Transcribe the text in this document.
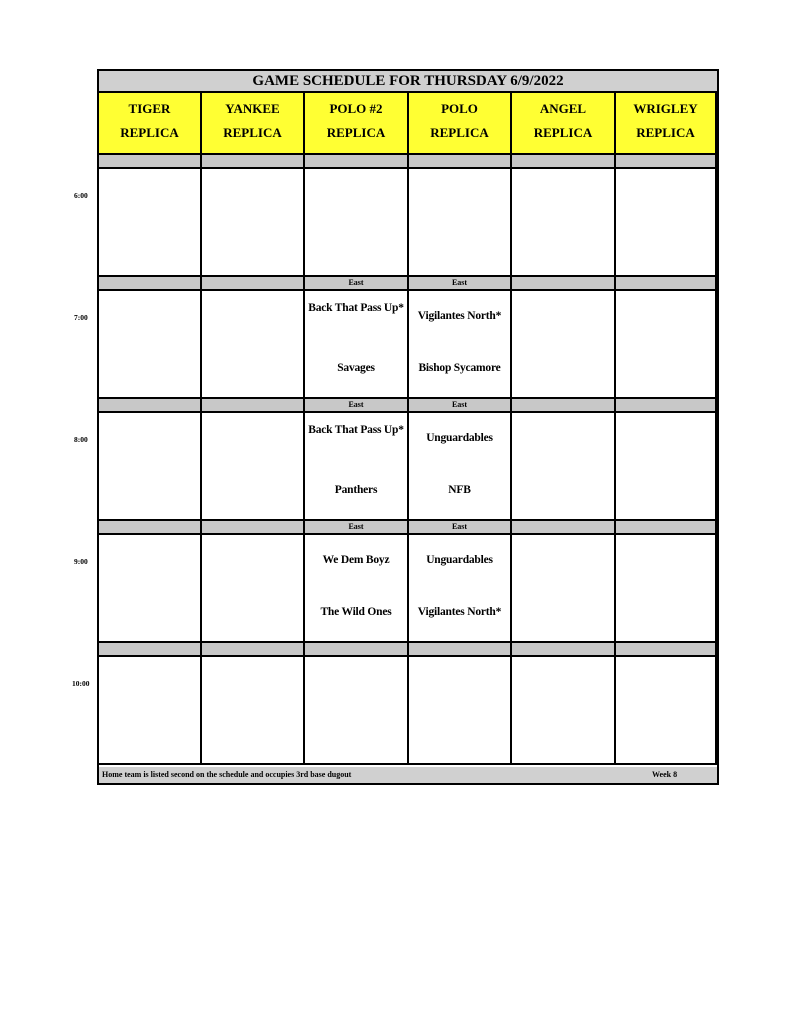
GAME SCHEDULE FOR THURSDAY 6/9/2022
TIGER
REPLICA
YANKEE
REPLICA
POLO #2
REPLICA
POLO
REPLICA
ANGEL
REPLICA
WRIGLEY
REPLICA
East
Back That Pass Up*
Savages
East
Vigilantes North*
Bishop Sycamore
East
Back That Pass Up*
Panthers
East
Unguardables
NFB
East
We Dem Boyz
The Wild Ones
East
Unguardables
Vigilantes North*
Home team is listed second on the schedule and occupies 3rd base dugout	Week 8
6:00
7:00
8:00
9:00
10:00
